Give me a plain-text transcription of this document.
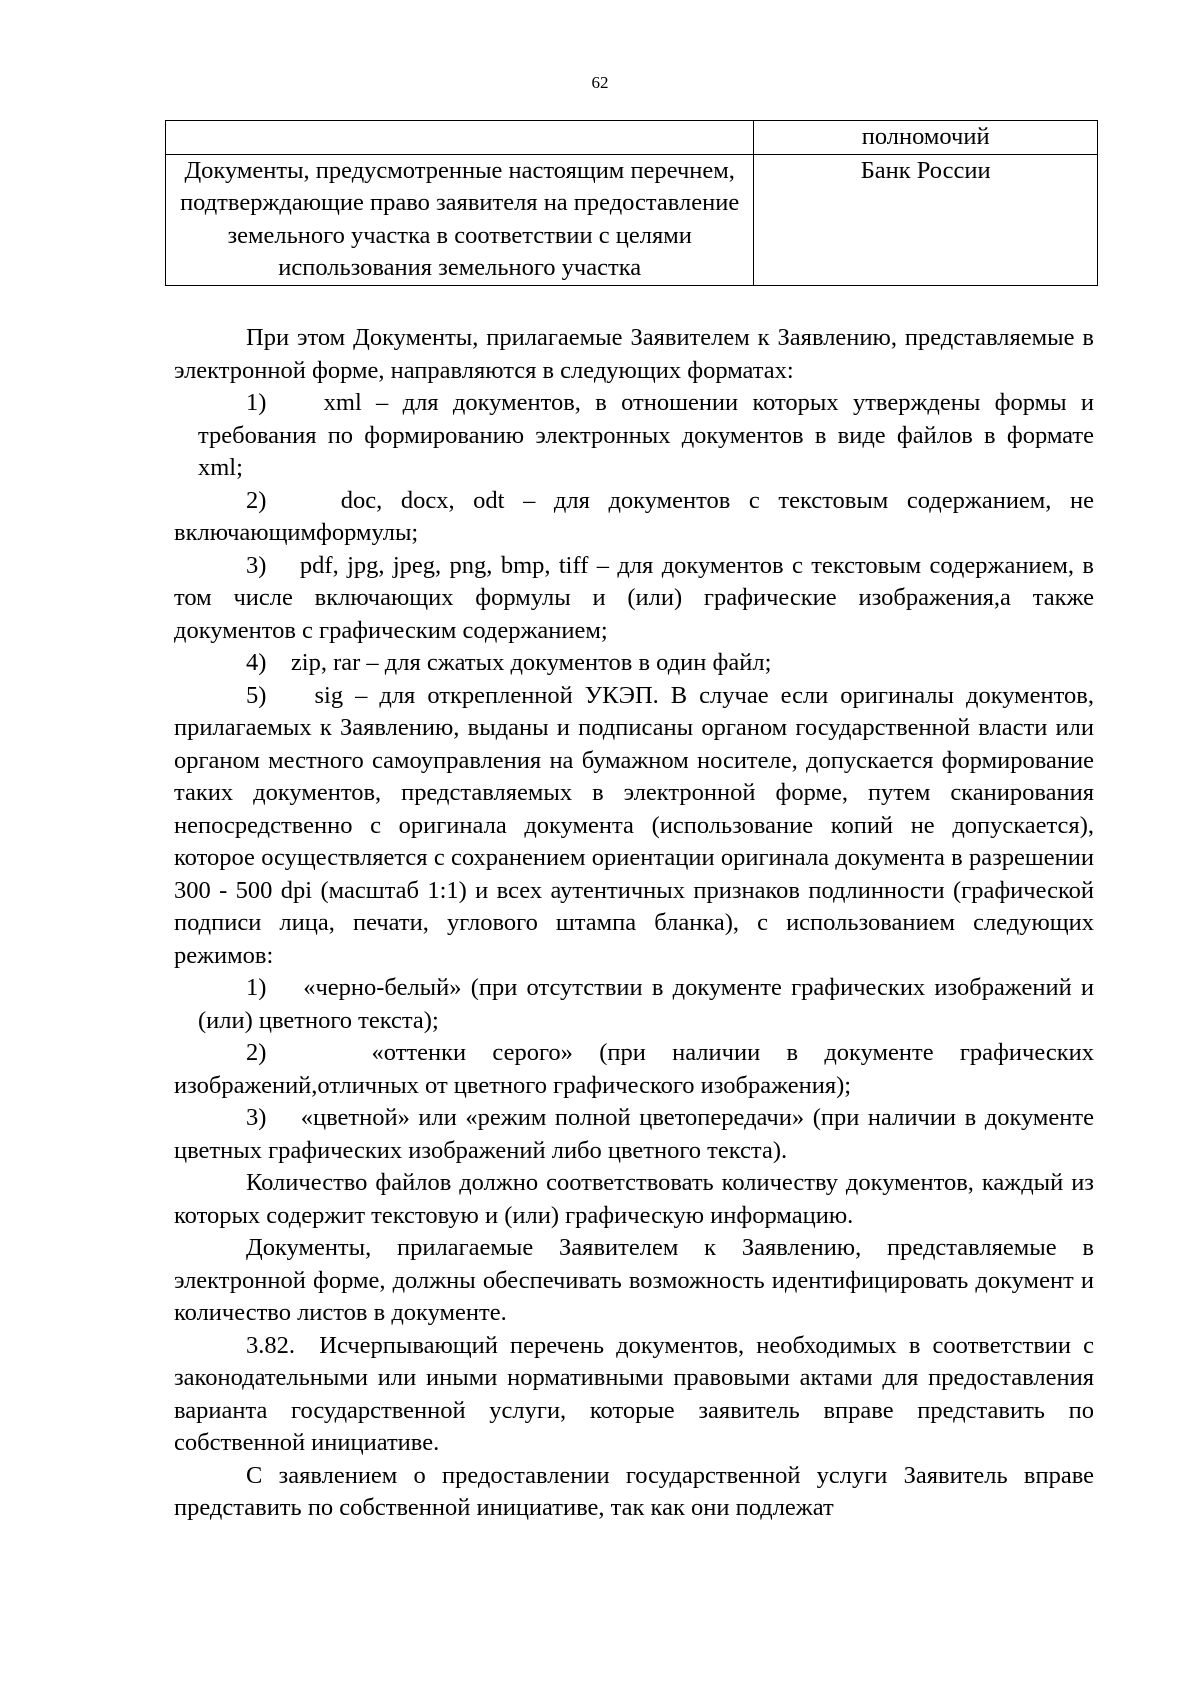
62
	полномочий
Документы, предусмотренные настоящим перечнем, подтверждающие право заявителя на предоставление земельного участка в соответствии с целями использования земельного участка	Банк России

При этом Документы, прилагаемые Заявителем к Заявлению, представляемые в электронной форме, направляются в следующих форматах:

1)    xml – для документов, в отношении которых утверждены формы и требования по формированию электронных документов в виде файлов в формате xml;

2)    doc, docx, odt – для документов с текстовым содержанием, не включающимформулы;

3)    pdf, jpg, jpeg, png, bmp, tiff – для документов с текстовым содержанием, в том числе включающих формулы и (или) графические изображения,а также документов с графическим содержанием;

4)    zip, rar – для сжатых документов в один файл;

5)    sig – для открепленной УКЭП. В случае если оригиналы документов, прилагаемых к Заявлению, выданы и подписаны органом государственной власти или органом местного самоуправления на бумажном носителе, допускается формирование таких документов, представляемых в электронной форме, путем сканирования непосредственно с оригинала документа (использование копий не допускается), которое осуществляется с сохранением ориентации оригинала документа в разрешении 300 - 500 dpi (масштаб 1:1) и всех аутентичных признаков подлинности (графической подписи лица, печати, углового штампа бланка), с использованием следующих режимов:

1)    «черно-белый» (при отсутствии в документе графических изображений и (или) цветного текста);

2)    «оттенки серого» (при наличии в документе графических изображений,отличных от цветного графического изображения);

3)    «цветной» или «режим полной цветопередачи» (при наличии в документе цветных графических изображений либо цветного текста).

Количество файлов должно соответствовать количеству документов, каждый из которых содержит текстовую и (или) графическую информацию.

Документы, прилагаемые Заявителем к Заявлению, представляемые в электронной форме, должны обеспечивать возможность идентифицировать документ и количество листов в документе.

3.82.  Исчерпывающий перечень документов, необходимых в соответствии с законодательными или иными нормативными правовыми актами для предоставления варианта государственной услуги, которые заявитель вправе представить по собственной инициативе.

С заявлением о предоставлении государственной услуги Заявитель вправе представить по собственной инициативе, так как они подлежат
